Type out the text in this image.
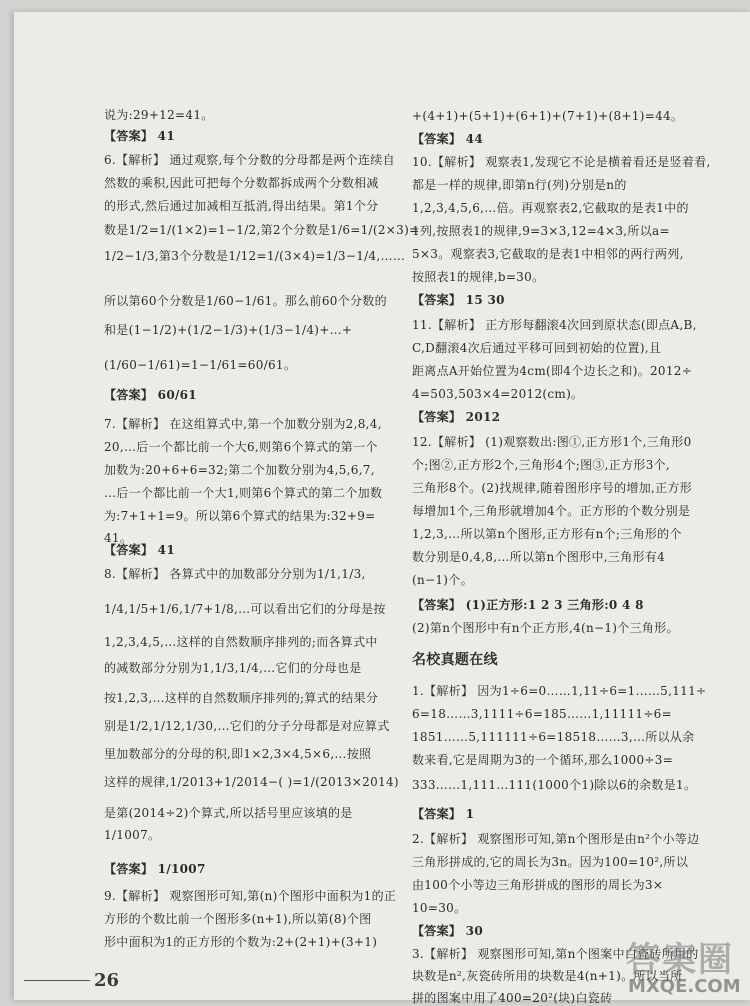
说为:29+12=41。
【答案】 41
6.【解析】 通过观察,每个分数的分母都是两个连续自
然数的乘积,因此可把每个分数都拆成两个分数相减
的形式,然后通过加减相互抵消,得出结果。第1个分
数是1/2=1/(1×2)=1−1/2,第2个分数是1/6=1/(2×3)=
1/2−1/3,第3个分数是1/12=1/(3×4)=1/3−1/4,……
所以第60个分数是1/60−1/61。那么前60个分数的
和是(1−1/2)+(1/2−1/3)+(1/3−1/4)+…+
(1/60−1/61)=1−1/61=60/61。
【答案】 60/61
7.【解析】 在这组算式中,第一个加数分别为2,8,4,
20,…后一个都比前一个大6,则第6个算式的第一个
加数为:20+6+6=32;第二个加数分别为4,5,6,7,
…后一个都比前一个大1,则第6个算式的第二个加数
为:7+1+1=9。所以第6个算式的结果为:32+9=
41。
【答案】 41
8.【解析】 各算式中的加数部分分别为1/1,1/3,
1/4,1/5+1/6,1/7+1/8,…可以看出它们的分母是按
1,2,3,4,5,…这样的自然数顺序排列的;而各算式中
的减数部分分别为1,1/3,1/4,…它们的分母也是
按1,2,3,…这样的自然数顺序排列的;算式的结果分
别是1/2,1/12,1/30,…它们的分子分母都是对应算式
里加数部分的分母的积,即1×2,3×4,5×6,…按照
这样的规律,1/2013+1/2014−( )=1/(2013×2014)
是第(2014÷2)个算式,所以括号里应该填的是
1/1007。
【答案】 1/1007
9.【解析】 观察图形可知,第(n)个图形中面积为1的正
方形的个数比前一个图形多(n+1),所以第(8)个图
形中面积为1的正方形的个数为:2+(2+1)+(3+1)
名校真题在线
+(4+1)+(5+1)+(6+1)+(7+1)+(8+1)=44。
【答案】 44
10.【解析】 观察表1,发现它不论是横着看还是竖着看,
都是一样的规律,即第n行(列)分别是n的
1,2,3,4,5,6,…倍。再观察表2,它截取的是表1中的
1列,按照表1的规律,9=3×3,12=4×3,所以a=
5×3。观察表3,它截取的是表1中相邻的两行两列,
按照表1的规律,b=30。
【答案】 15 30
11.【解析】 正方形每翻滚4次回到原状态(即点A,B,
C,D翻滚4次后通过平移可回到初始的位置),且
距离点A开始位置为4cm(即4个边长之和)。2012÷
4=503,503×4=2012(cm)。
【答案】 2012
12.【解析】 (1)观察数出:图①,正方形1个,三角形0
个;图②,正方形2个,三角形4个;图③,正方形3个,
三角形8个。(2)找规律,随着图形序号的增加,正方形
每增加1个,三角形就增加4个。正方形的个数分别是
1,2,3,…所以第n个图形,正方形有n个;三角形的个
数分别是0,4,8,…所以第n个图形中,三角形有4
(n−1)个。
【答案】 (1)正方形:1 2 3 三角形:0 4 8
(2)第n个图形中有n个正方形,4(n−1)个三角形。
1.【解析】 因为1÷6=0……1,11÷6=1……5,111÷
6=18……3,1111÷6=185……1,11111÷6=
1851……5,111111÷6=18518……3,…所以从余
数来看,它是周期为3的一个循环,那么1000÷3=
333……1,111…111(1000个1)除以6的余数是1。
【答案】 1
2.【解析】 观察图形可知,第n个图形是由n²个小等边
三角形拼成的,它的周长为3n。因为100=10²,所以
由100个小等边三角形拼成的图形的周长为3×
10=30。
【答案】 30
3.【解析】 观察图形可知,第n个图案中白瓷砖所用的
块数是n²,灰瓷砖所用的块数是4(n+1)。所以当所
拼的图案中用了400=20²(块)白瓷砖
26
答案圈
MXQE.COM
